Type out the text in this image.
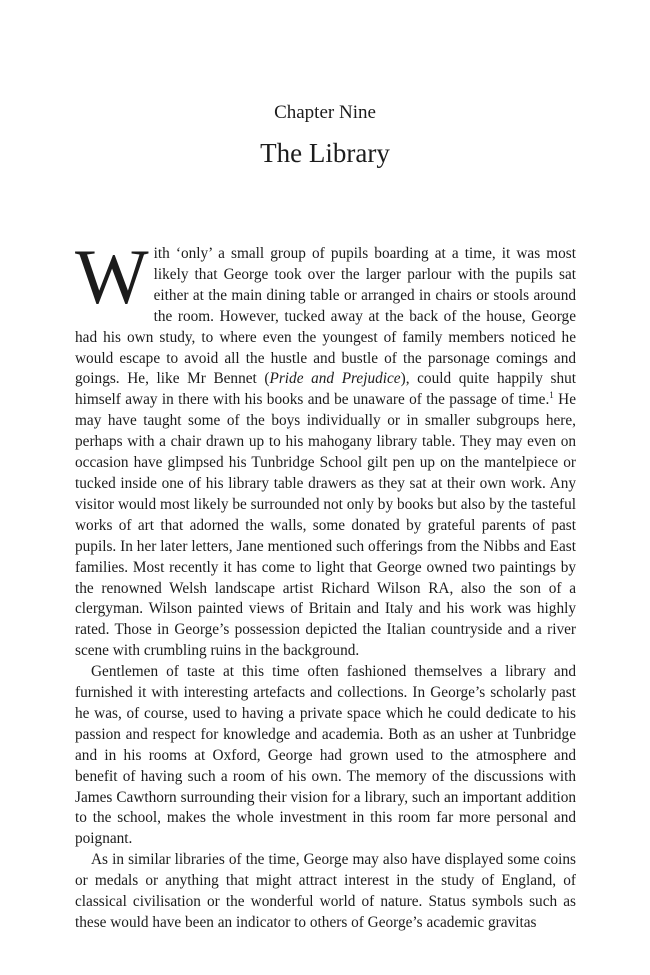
Chapter Nine
The Library

With ‘only’ a small group of pupils boarding at a time, it was most likely that George took over the larger parlour with the pupils sat either at the main dining table or arranged in chairs or stools around the room. However, tucked away at the back of the house, George had his own study, to where even the youngest of family members noticed he would escape to avoid all the hustle and bustle of the parsonage comings and goings. He, like Mr Bennet (Pride and Prejudice), could quite happily shut himself away in there with his books and be unaware of the passage of time.$^1$ He may have taught some of the boys individually or in smaller subgroups here, perhaps with a chair drawn up to his mahogany library table. They may even on occasion have glimpsed his Tunbridge School gilt pen up on the mantelpiece or tucked inside one of his library table drawers as they sat at their own work. Any visitor would most likely be surrounded not only by books but also by the tasteful works of art that adorned the walls, some donated by grateful parents of past pupils. In her later letters, Jane mentioned such offerings from the Nibbs and East families. Most recently it has come to light that George owned two paintings by the renowned Welsh landscape artist Richard Wilson RA, also the son of a clergyman. Wilson painted views of Britain and Italy and his work was highly rated. Those in George’s possession depicted the Italian countryside and a river scene with crumbling ruins in the background.

Gentlemen of taste at this time often fashioned themselves a library and furnished it with interesting artefacts and collections. In George’s scholarly past he was, of course, used to having a private space which he could dedicate to his passion and respect for knowledge and academia. Both as an usher at Tunbridge and in his rooms at Oxford, George had grown used to the atmosphere and benefit of having such a room of his own. The memory of the discussions with James Cawthorn surrounding their vision for a library, such an important addition to the school, makes the whole investment in this room far more personal and poignant.

As in similar libraries of the time, George may also have displayed some coins or medals or anything that might attract interest in the study of England, of classical civilisation or the wonderful world of nature. Status symbols such as these would have been an indicator to others of George’s academic gravitas
